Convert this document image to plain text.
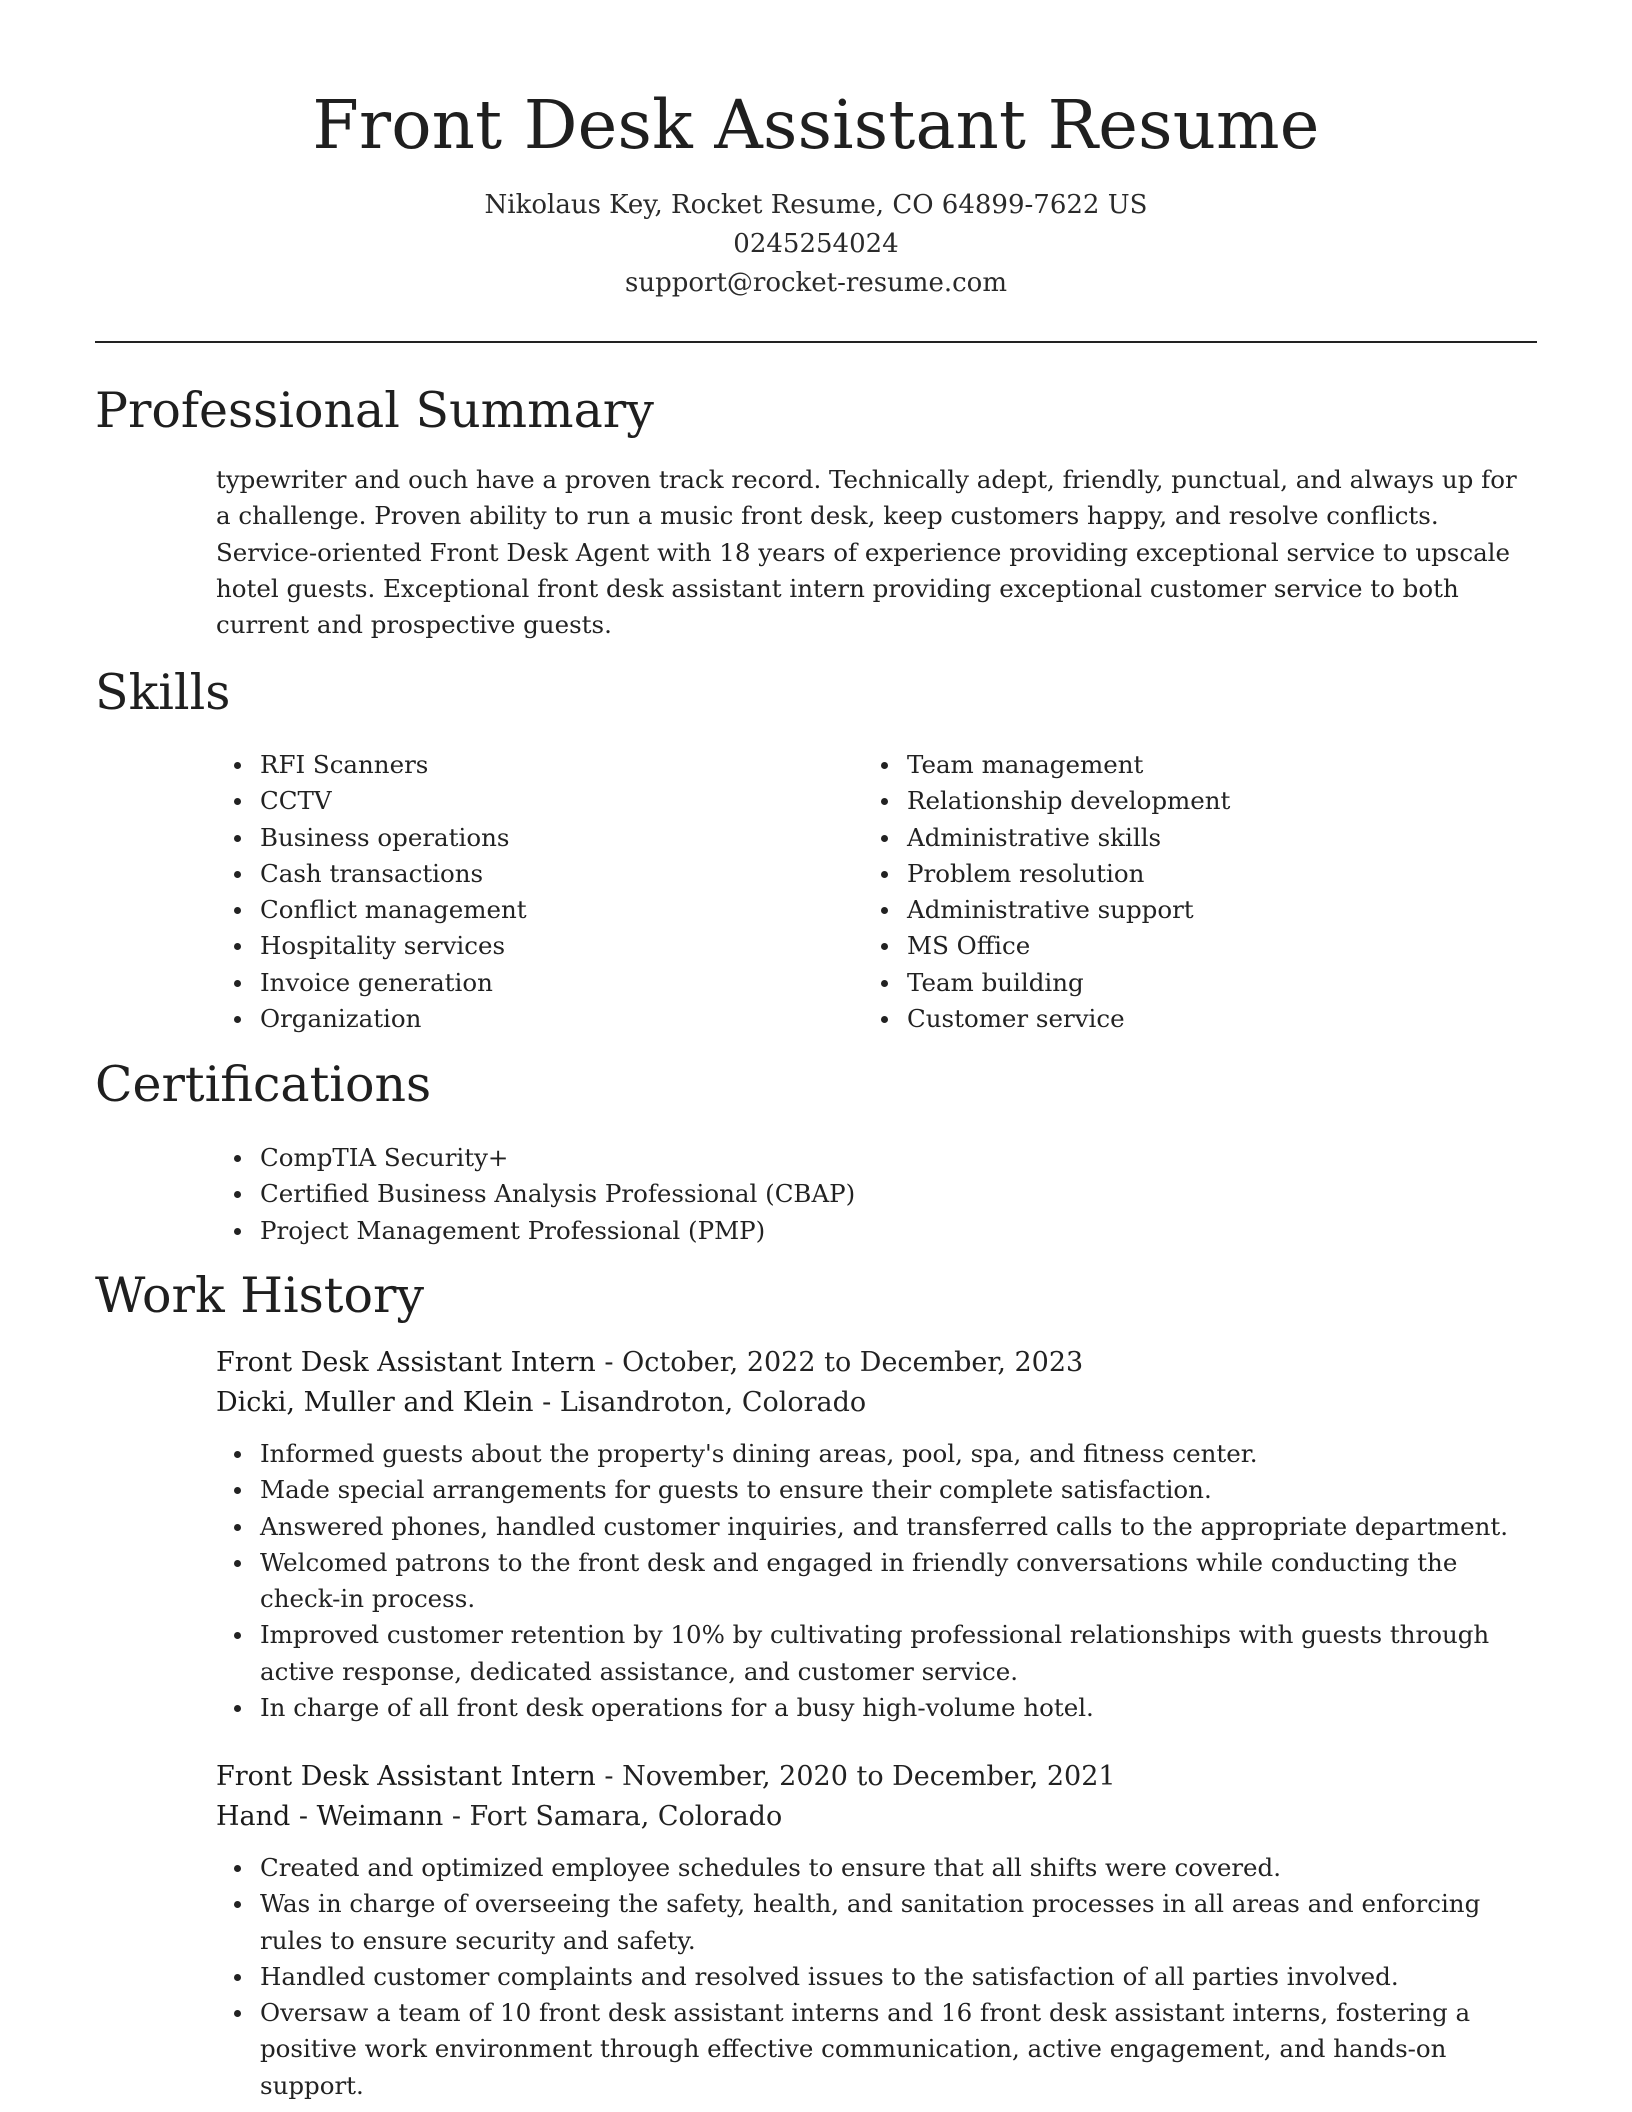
Front Desk Assistant Resume
Nikolaus Key, Rocket Resume, CO 64899-7622 US
0245254024
support@rocket-resume.com
Professional Summary

typewriter and ouch have a proven track record. Technically adept, friendly, punctual, and always up for a challenge. Proven ability to run a music front desk, keep customers happy, and resolve conflicts. Service-oriented Front Desk Agent with 18 years of experience providing exceptional service to upscale hotel guests. Exceptional front desk assistant intern providing exceptional customer service to both current and prospective guests.

Skills
RFI Scanners
CCTV
Business operations
Cash transactions
Conflict management
Hospitality services
Invoice generation
Organization
Team management
Relationship development
Administrative skills
Problem resolution
Administrative support
MS Office
Team building
Customer service
Certifications
CompTIA Security+
Certified Business Analysis Professional (CBAP)
Project Management Professional (PMP)
Work History
Front Desk Assistant Intern - October, 2022 to December, 2023
Dicki, Muller and Klein - Lisandroton, Colorado
Informed guests about the property's dining areas, pool, spa, and fitness center.
Made special arrangements for guests to ensure their complete satisfaction.
Answered phones, handled customer inquiries, and transferred calls to the appropriate department.
Welcomed patrons to the front desk and engaged in friendly conversations while conducting the check-in process.
Improved customer retention by 10% by cultivating professional relationships with guests through active response, dedicated assistance, and customer service.
In charge of all front desk operations for a busy high-volume hotel.
Front Desk Assistant Intern - November, 2020 to December, 2021
Hand - Weimann - Fort Samara, Colorado
Created and optimized employee schedules to ensure that all shifts were covered.
Was in charge of overseeing the safety, health, and sanitation processes in all areas and enforcing rules to ensure security and safety.
Handled customer complaints and resolved issues to the satisfaction of all parties involved.
Oversaw a team of 10 front desk assistant interns and 16 front desk assistant interns, fostering a positive work environment through effective communication, active engagement, and hands-on support.
